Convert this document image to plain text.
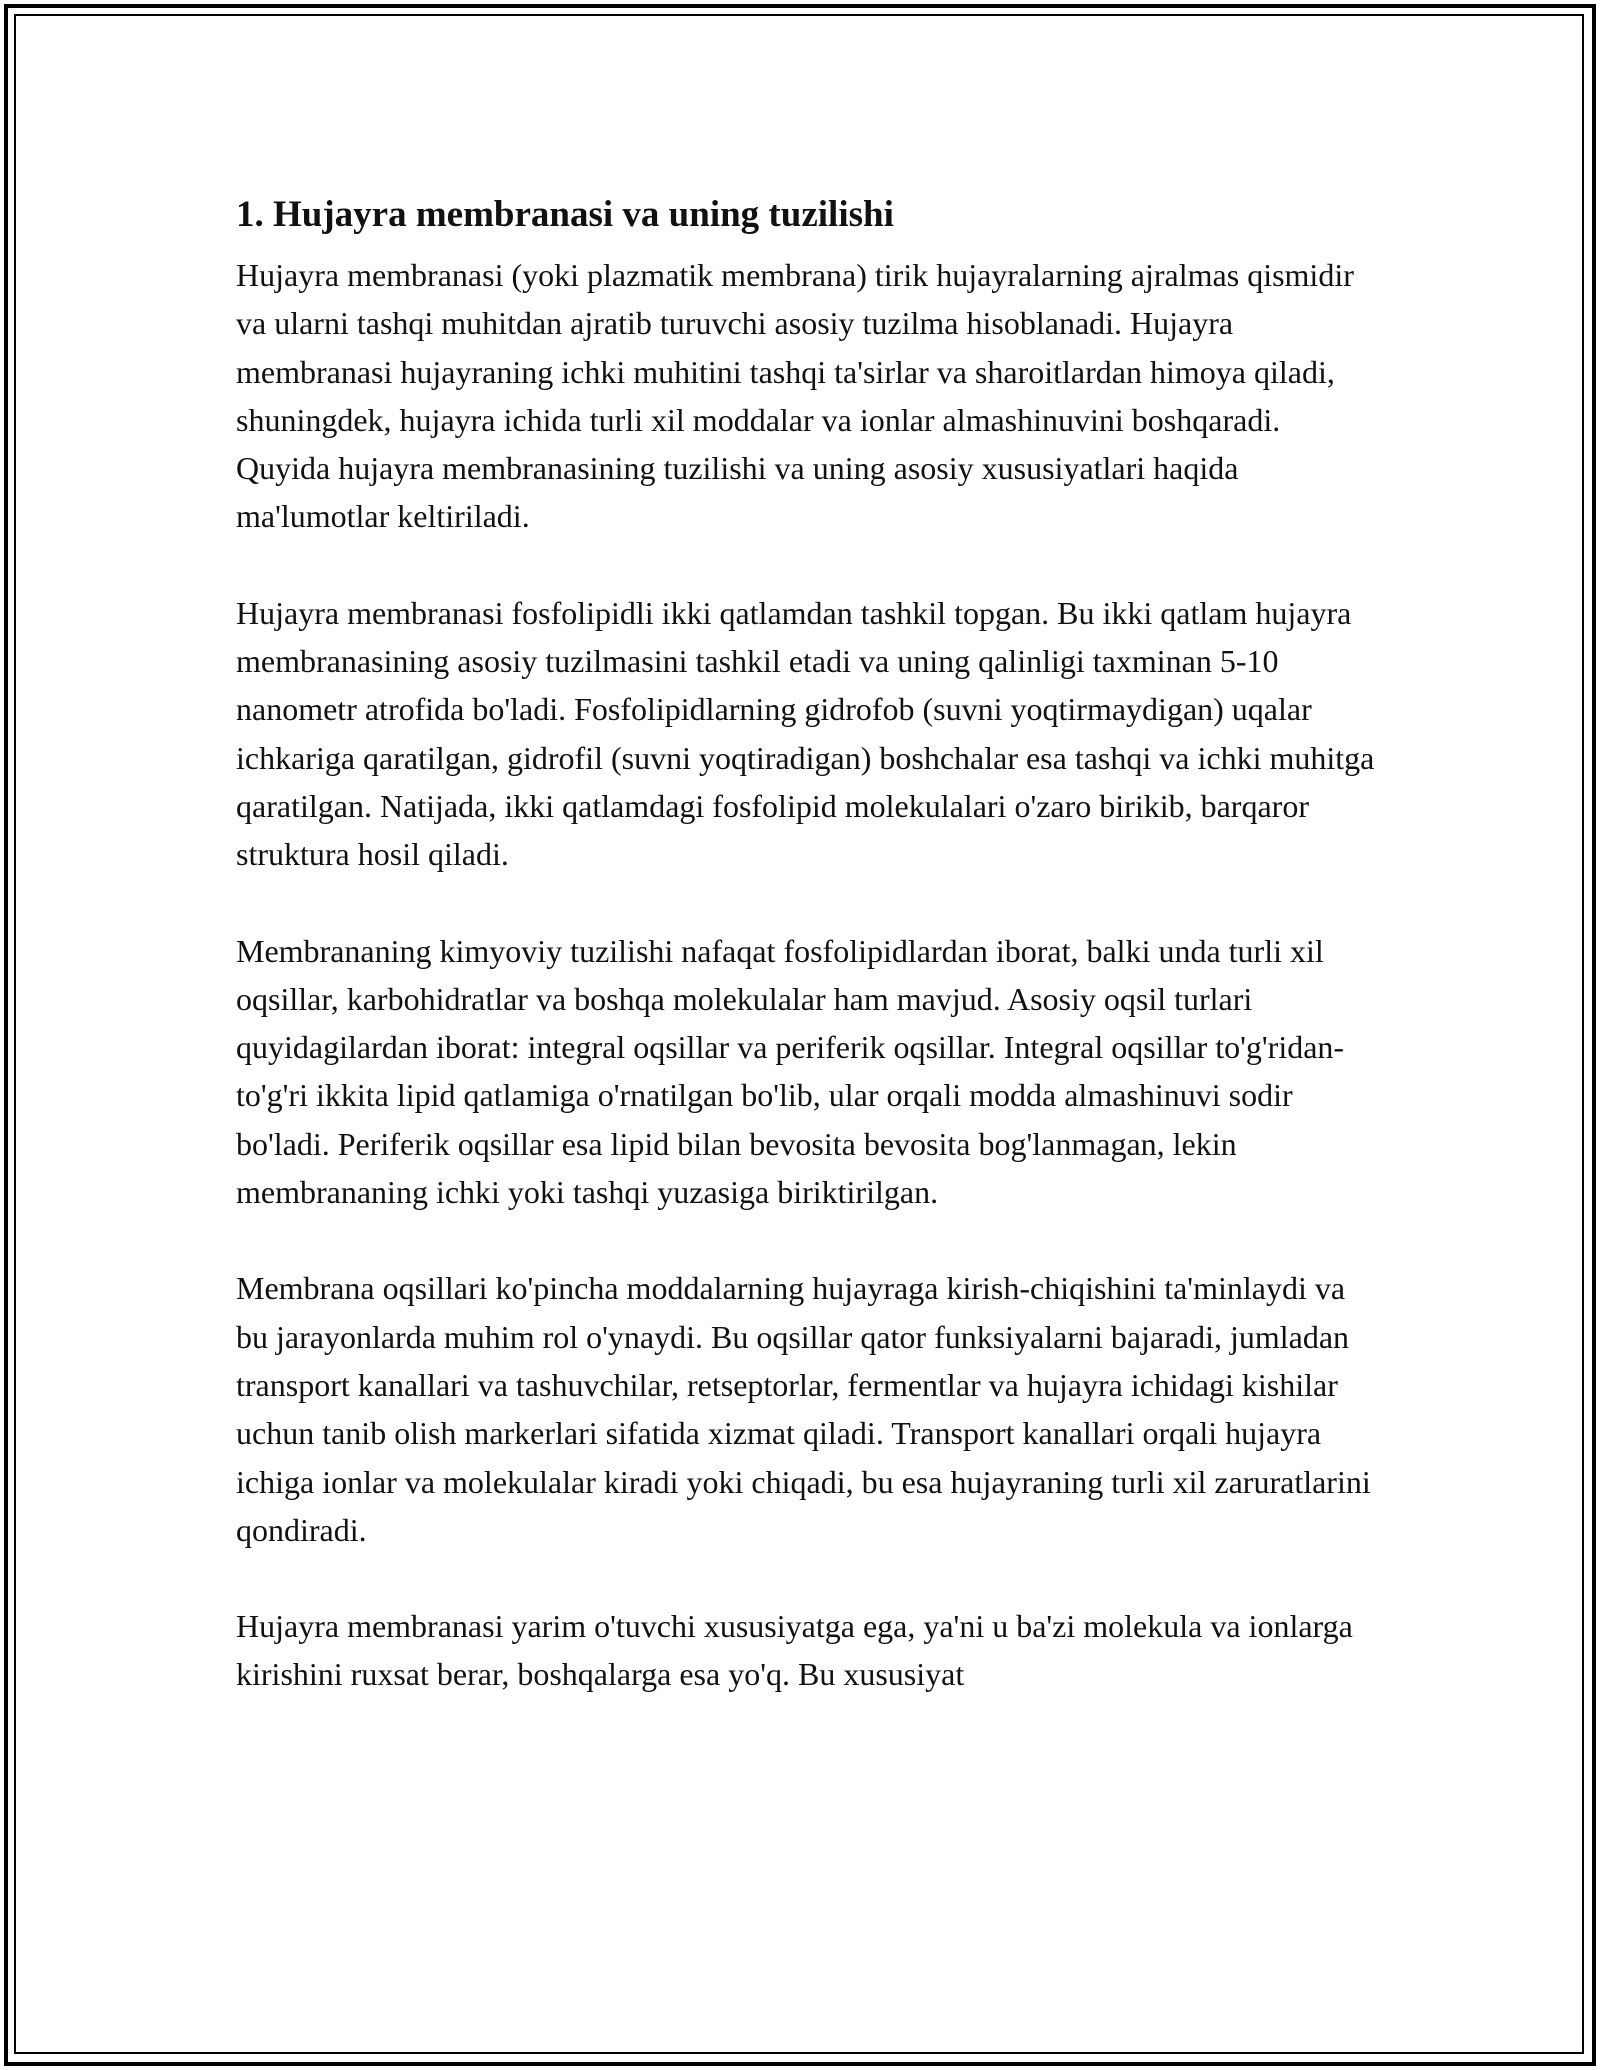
1. Hujayra membranasi va uning tuzilishi

Hujayra membranasi (yoki plazmatik membrana) tirik hujayralarning ajralmas qismidir va ularni tashqi muhitdan ajratib turuvchi asosiy tuzilma hisoblanadi. Hujayra membranasi hujayraning ichki muhitini tashqi ta'sirlar va sharoitlardan himoya qiladi, shuningdek, hujayra ichida turli xil moddalar va ionlar almashinuvini boshqaradi. Quyida hujayra membranasining tuzilishi va uning asosiy xususiyatlari haqida ma'lumotlar keltiriladi.

Hujayra membranasi fosfolipidli ikki qatlamdan tashkil topgan. Bu ikki qatlam hujayra membranasining asosiy tuzilmasini tashkil etadi va uning qalinligi taxminan 5-10 nanometr atrofida bo'ladi. Fosfolipidlarning gidrofob (suvni yoqtirmaydigan) uqalar ichkariga qaratilgan, gidrofil (suvni yoqtiradigan) boshchalar esa tashqi va ichki muhitga qaratilgan. Natijada, ikki qatlamdagi fosfolipid molekulalari o'zaro birikib, barqaror struktura hosil qiladi.

Membrananing kimyoviy tuzilishi nafaqat fosfolipidlardan iborat, balki unda turli xil oqsillar, karbohidratlar va boshqa molekulalar ham mavjud. Asosiy oqsil turlari quyidagilardan iborat: integral oqsillar va periferik oqsillar. Integral oqsillar to'g'ridan-to'g'ri ikkita lipid qatlamiga o'rnatilgan bo'lib, ular orqali modda almashinuvi sodir bo'ladi. Periferik oqsillar esa lipid bilan bevosita bevosita bog'lanmagan, lekin membrananing ichki yoki tashqi yuzasiga biriktirilgan.

Membrana oqsillari ko'pincha moddalarning hujayraga kirish-chiqishini ta'minlaydi va bu jarayonlarda muhim rol o'ynaydi. Bu oqsillar qator funksiyalarni bajaradi, jumladan transport kanallari va tashuvchilar, retseptorlar, fermentlar va hujayra ichidagi kishilar uchun tanib olish markerlari sifatida xizmat qiladi. Transport kanallari orqali hujayra ichiga ionlar va molekulalar kiradi yoki chiqadi, bu esa hujayraning turli xil zaruratlarini qondiradi.

Hujayra membranasi yarim o'tuvchi xususiyatga ega, ya'ni u ba'zi molekula va ionlarga kirishini ruxsat berar, boshqalarga esa yo'q. Bu xususiyat
